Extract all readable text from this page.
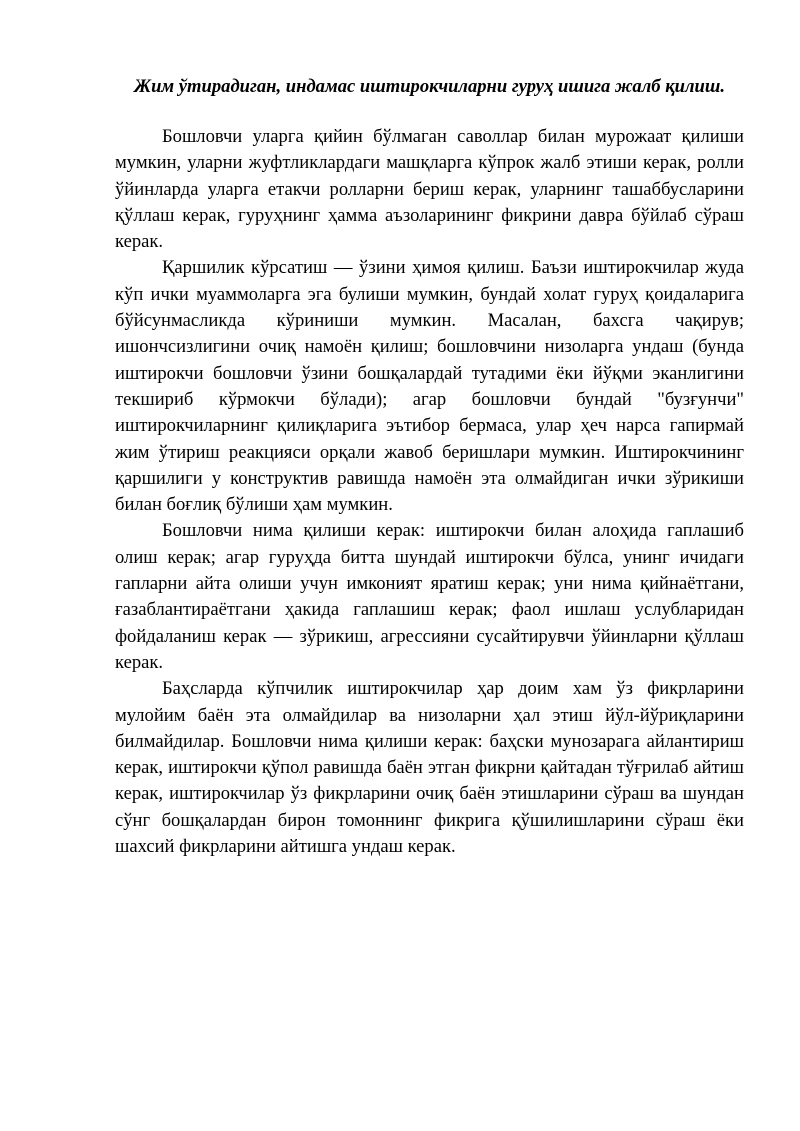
Жим ўтирадиган, индамас иштирокчиларни гуруҳ ишига жалб қилиш.

Бошловчи уларга қийин бўлмаган саволлар билан мурожаат қилиши мумкин, уларни жуфтликлардаги машқларга кўпрок жалб этиши керак, ролли ўйинларда уларга етакчи ролларни бериш керак, уларнинг ташаббусларини қўллаш керак, гуруҳнинг ҳамма аъзоларининг фикрини давра бўйлаб сўраш керак.

Қаршилик кўрсатиш — ўзини ҳимоя қилиш. Баъзи иштирокчилар жуда кўп ички муаммоларга эга булиши мумкин, бундай холат гуруҳ қоидаларига бўйсунмасликда кўриниши мумкин. Масалан, бахсга чақирув; ишончсизлигини очиқ намоён қилиш; бошловчини низоларга ундаш (бунда иштирокчи бошловчи ўзини бошқалардай тутадими ёки йўқми эканлигини текшириб кўрмокчи бўлади); агар бошловчи бундай "бузғунчи" иштирокчиларнинг қилиқларига эътибор бермаса, улар ҳеч нарса гапирмай жим ўтириш реакцияси орқали жавоб беришлари мумкин. Иштирокчининг қаршилиги у конструктив равишда намоён эта олмайдиган ички зўрикиши билан боғлиқ бўлиши ҳам мумкин.

Бошловчи нима қилиши керак: иштирокчи билан алоҳида гаплашиб олиш керак; агар гуруҳда битта шундай иштирокчи бўлса, унинг ичидаги гапларни айта олиши учун имконият яратиш керак; уни нима қийнаётгани, ғазаблантираётгани ҳакида гаплашиш керак; фаол ишлаш услубларидан фойдаланиш керак — зўрикиш, агрессияни сусайтирувчи ўйинларни қўллаш керак.

Баҳсларда кўпчилик иштирокчилар ҳар доим хам ўз фикрларини мулойим баён эта олмайдилар ва низоларни ҳал этиш йўл-йўриқларини билмайдилар. Бошловчи нима қилиши керак: баҳски мунозарага айлантириш керак, иштирокчи қўпол равишда баён этган фикрни қайтадан тўғрилаб айтиш керак, иштирокчилар ўз фикрларини очиқ баён этишларини сўраш ва шундан сўнг бошқалардан бирон томоннинг фикрига қўшилишларини сўраш ёки шахсий фикрларини айтишга ундаш керак.
